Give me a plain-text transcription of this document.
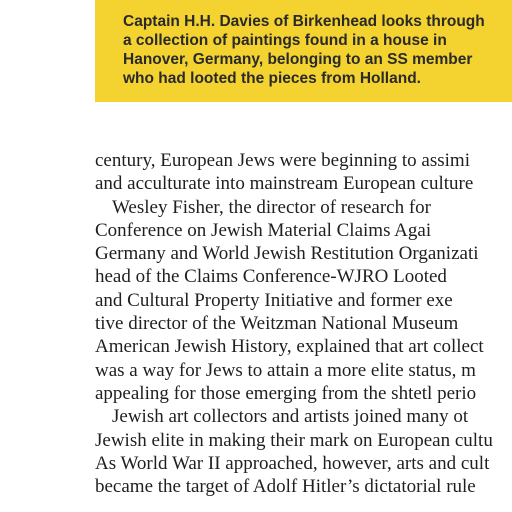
Captain H.H. Davies of Birkenhead looks through

a collection of paintings found in a house in

Hanover, Germany, belonging to an SS member

who had looted the pieces from Holland.

century, European Jews were beginning to assimi

and acculturate into mainstream European culture

Wesley Fisher, the director of research for

Conference on Jewish Material Claims Agai

Germany and World Jewish Restitution Organizati

head of the Claims Conference-WJRO Looted

and Cultural Property Initiative and former exe

tive director of the Weitzman National Museum

American Jewish History, explained that art collect

was a way for Jews to attain a more elite status, m

appealing for those emerging from the shtetl perio

Jewish art collectors and artists joined many ot

Jewish elite in making their mark on European cultu

As World War II approached, however, arts and cult

became the target of Adolf Hitler’s dictatorial rule
